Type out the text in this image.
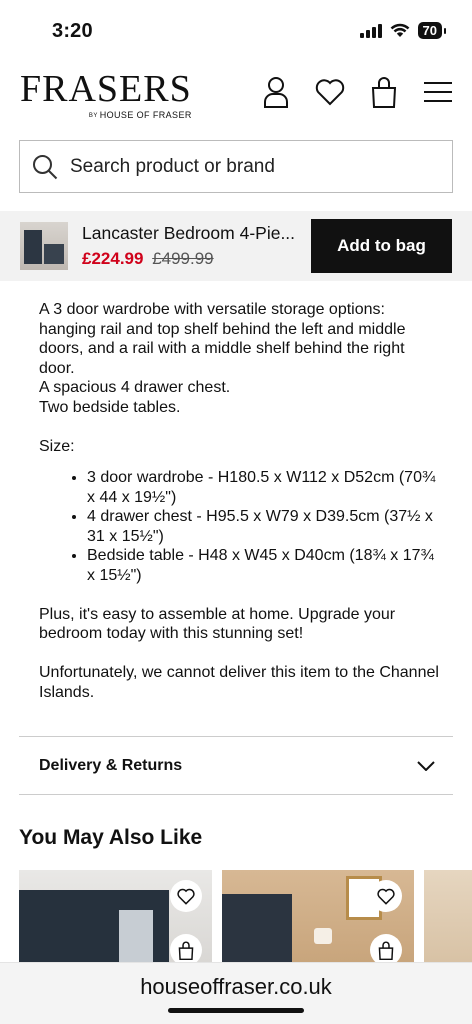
3:20	70
FRASERS
BY HOUSE OF FRASER
Search product or brand
Lancaster Bedroom 4-Pie...
£224.99 £499.99
Add to bag

A 3 door wardrobe with versatile storage options: hanging rail and top shelf behind the left and middle doors, and a rail with a middle shelf behind the right door.

A spacious 4 drawer chest.

Two bedside tables.

Size:

• 3 door wardrobe - H180.5 x W112 x D52cm (70¾ x 44 x 19½")
• 4 drawer chest - H95.5 x W79 x D39.5cm (37½ x 31 x 15½")
• Bedside table - H48 x W45 x D40cm (18¾ x 17¾ x 15½")

Plus, it's easy to assemble at home. Upgrade your bedroom today with this stunning set!

Unfortunately, we cannot deliver this item to the Channel Islands.

Delivery & Returns
You May Also Like
houseoffraser.co.uk
